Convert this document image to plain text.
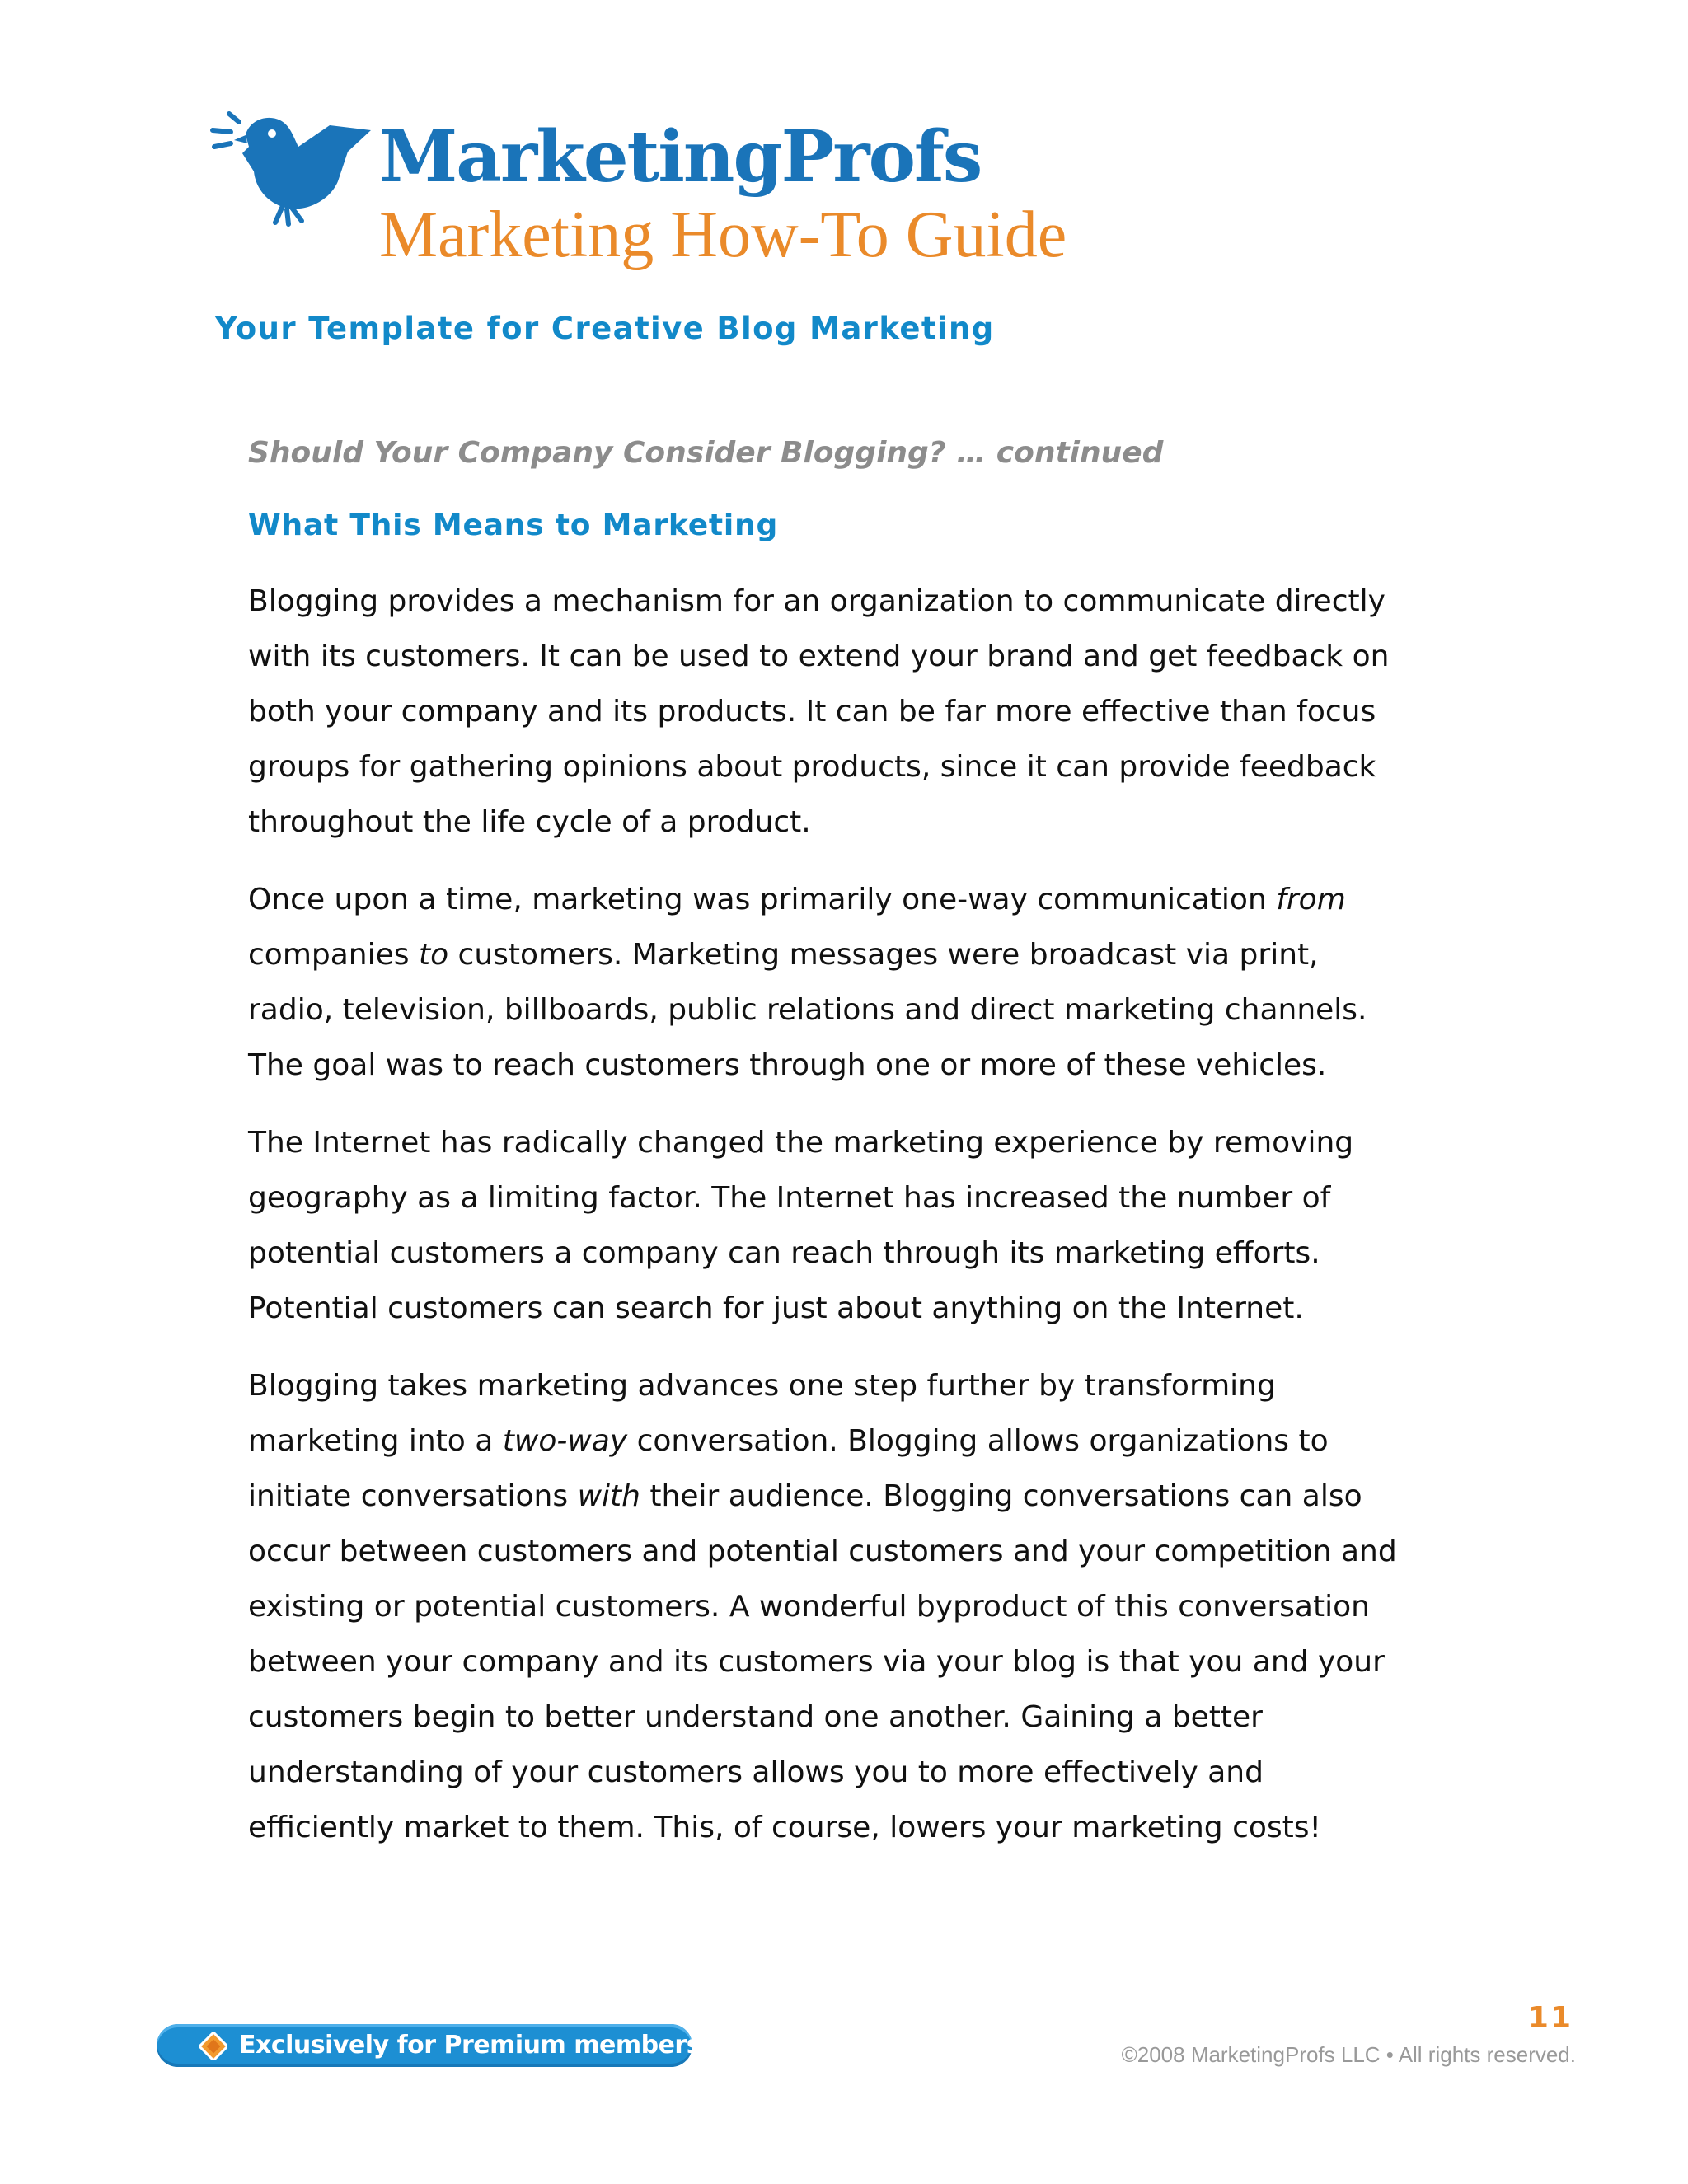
MarketingProfs
Marketing How-To Guide
Your Template for Creative Blog Marketing

Should Your Company Consider Blogging? … continued

What This Means to Marketing

Blogging provides a mechanism for an organization to communicate directly
with its customers. It can be used to extend your brand and get feedback on
both your company and its products. It can be far more effective than focus
groups for gathering opinions about products, since it can provide feedback
throughout the life cycle of a product.

Once upon a time, marketing was primarily one-way communication from
companies to customers. Marketing messages were broadcast via print,
radio, television, billboards, public relations and direct marketing channels.
The goal was to reach customers through one or more of these vehicles.

The Internet has radically changed the marketing experience by removing
geography as a limiting factor. The Internet has increased the number of
potential customers a company can reach through its marketing efforts.
Potential customers can search for just about anything on the Internet.

Blogging takes marketing advances one step further by transforming
marketing into a two-way conversation. Blogging allows organizations to
initiate conversations with their audience. Blogging conversations can also
occur between customers and potential customers and your competition and
existing or potential customers. A wonderful byproduct of this conversation
between your company and its customers via your blog is that you and your
customers begin to better understand one another. Gaining a better
understanding of your customers allows you to more effectively and
efficiently market to them. This, of course, lowers your marketing costs!

Exclusively for Premium members
11
©2008 MarketingProfs LLC • All rights reserved.
